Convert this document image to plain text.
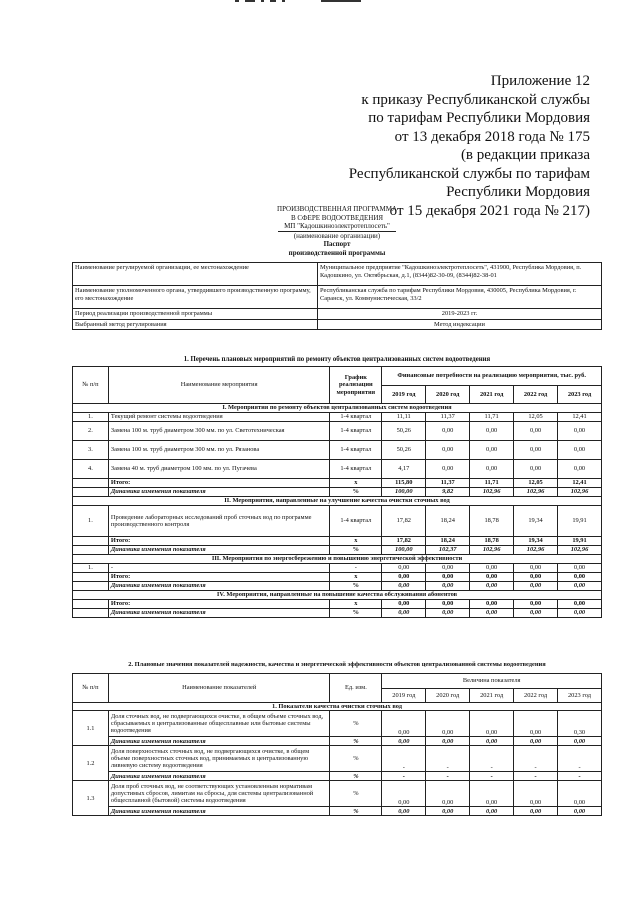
Приложение 12
к приказу Республиканской службы
по тарифам Республики Мордовия
от 13 декабря 2018 года № 175
(в редакции приказа
Республиканской службы по тарифам
Республики Мордовия
от 15 декабря 2021 года № 217)
ПРОИЗВОДСТВЕННАЯ ПРОГРАММА
В СФЕРЕ ВОДООТВЕДЕНИЯ
МП "Кадошкиноэлектротеплосеть"
(наименование организации)
Паспорт
производственной программы
Наименование регулируемой организации, ее местонахождение	Муниципальное предприятие "Кадошкиноэлектротеплосеть", 431900, Республика Мордовия, п. Кадошкино, ул. Октябрьская, д.1, (8344)82-30-09, (8344)82-38-01
Наименование уполномоченного органа, утвердившего производственную программу, его местонахождение	Республиканская служба по тарифам Республики Мордовия, 430005, Республика Мордовия, г. Саранск, ул. Коммунистическая, 33/2
Период реализации производственной программы	2019-2023 гг.
Выбранный метод регулирования	Метод индексации
1. Перечень плановых мероприятий по ремонту объектов централизованных систем водоотведения
№ п/п	Наименование мероприятия	График реализации мероприятия	Финансовые потребности на реализацию мероприятия, тыс. руб.				
			2019 год	2020 год	2021 год	2022 год	2023 год
I. Мероприятия по ремонту объектов централизованных систем водоотведения							
1.	Текущий ремонт системы водоотведения	1-4 квартал	11,11	11,37	11,71	12,05	12,41
2.	Замена 100 м. труб диаметром 300 мм. по ул. Светотехническая	1-4 квартал	50,26	0,00	0,00	0,00	0,00
3.	Замена 100 м. труб диаметром 300 мм. по ул. Рязанова	1-4 квартал	50,26	0,00	0,00	0,00	0,00
4.	Замена 40 м. труб диаметром 100 мм. по ул. Пугачева	1-4 квартал	4,17	0,00	0,00	0,00	0,00
	Итого:	х	115,80	11,37	11,71	12,05	12,41
	Динамика изменения показателя	%	100,00	9,82	102,96	102,96	102,96
II. Мероприятия, направленные на улучшение качества очистки сточных вод							
1.	Проведение лабораторных исследований проб сточных вод по программе производственного контроля	1-4 квартал	17,82	18,24	18,78	19,34	19,91
	Итого:	х	17,82	18,24	18,78	19,34	19,91
	Динамика изменения показателя	%	100,00	102,37	102,96	102,96	102,96
III. Мероприятия по энергосбережению и повышению энергетической эффективности							
1.	-	-	0,00	0,00	0,00	0,00	0,00
	Итого:	х	0,00	0,00	0,00	0,00	0,00
	Динамика изменения показателя	%	0,00	0,00	0,00	0,00	0,00
IV. Мероприятия, направленные на повышение качества обслуживания абонентов							
	Итого:	х	0,00	0,00	0,00	0,00	0,00
	Динамика изменения показателя	%	0,00	0,00	0,00	0,00	0,00
2. Плановые значения показателей надежности, качества и энергетической эффективности объектов централизованной системы водоотведения							
№ п/п	Наименование показателей	Ед. изм.	Величина показателя				
			2019 год	2020 год	2021 год	2022 год	2023 год
1. Показатели качества очистки сточных вод							
1.1	Доля сточных вод, не подвергающихся очистке, в общем объеме сточных вод, сбрасываемых в централизованные общесплавные или бытовые системы водоотведения	%	0,00	0,00	0,00	0,00	0,30
	Динамика изменения показателя	%	0,00	0,00	0,00	0,00	0,00
1.2	Доля поверхностных сточных вод, не подвергающихся очистке, в общем объеме поверхностных сточных вод, принимаемых в централизованную ливневую систему водоотведения	%	-	-	-	-	-
	Динамика изменения показателя	%	-	-	-	-	-
1.3	Доля проб сточных вод, не соответствующих установленным нормативам допустимых сбросов, лимитам на сбросы, для системы централизованной общесплавной (бытовой) системы водоотведения	%	0,00	0,00	0,00	0,00	0,00
	Динамика изменения показателя	%	0,00	0,00	0,00	0,00	0,00
